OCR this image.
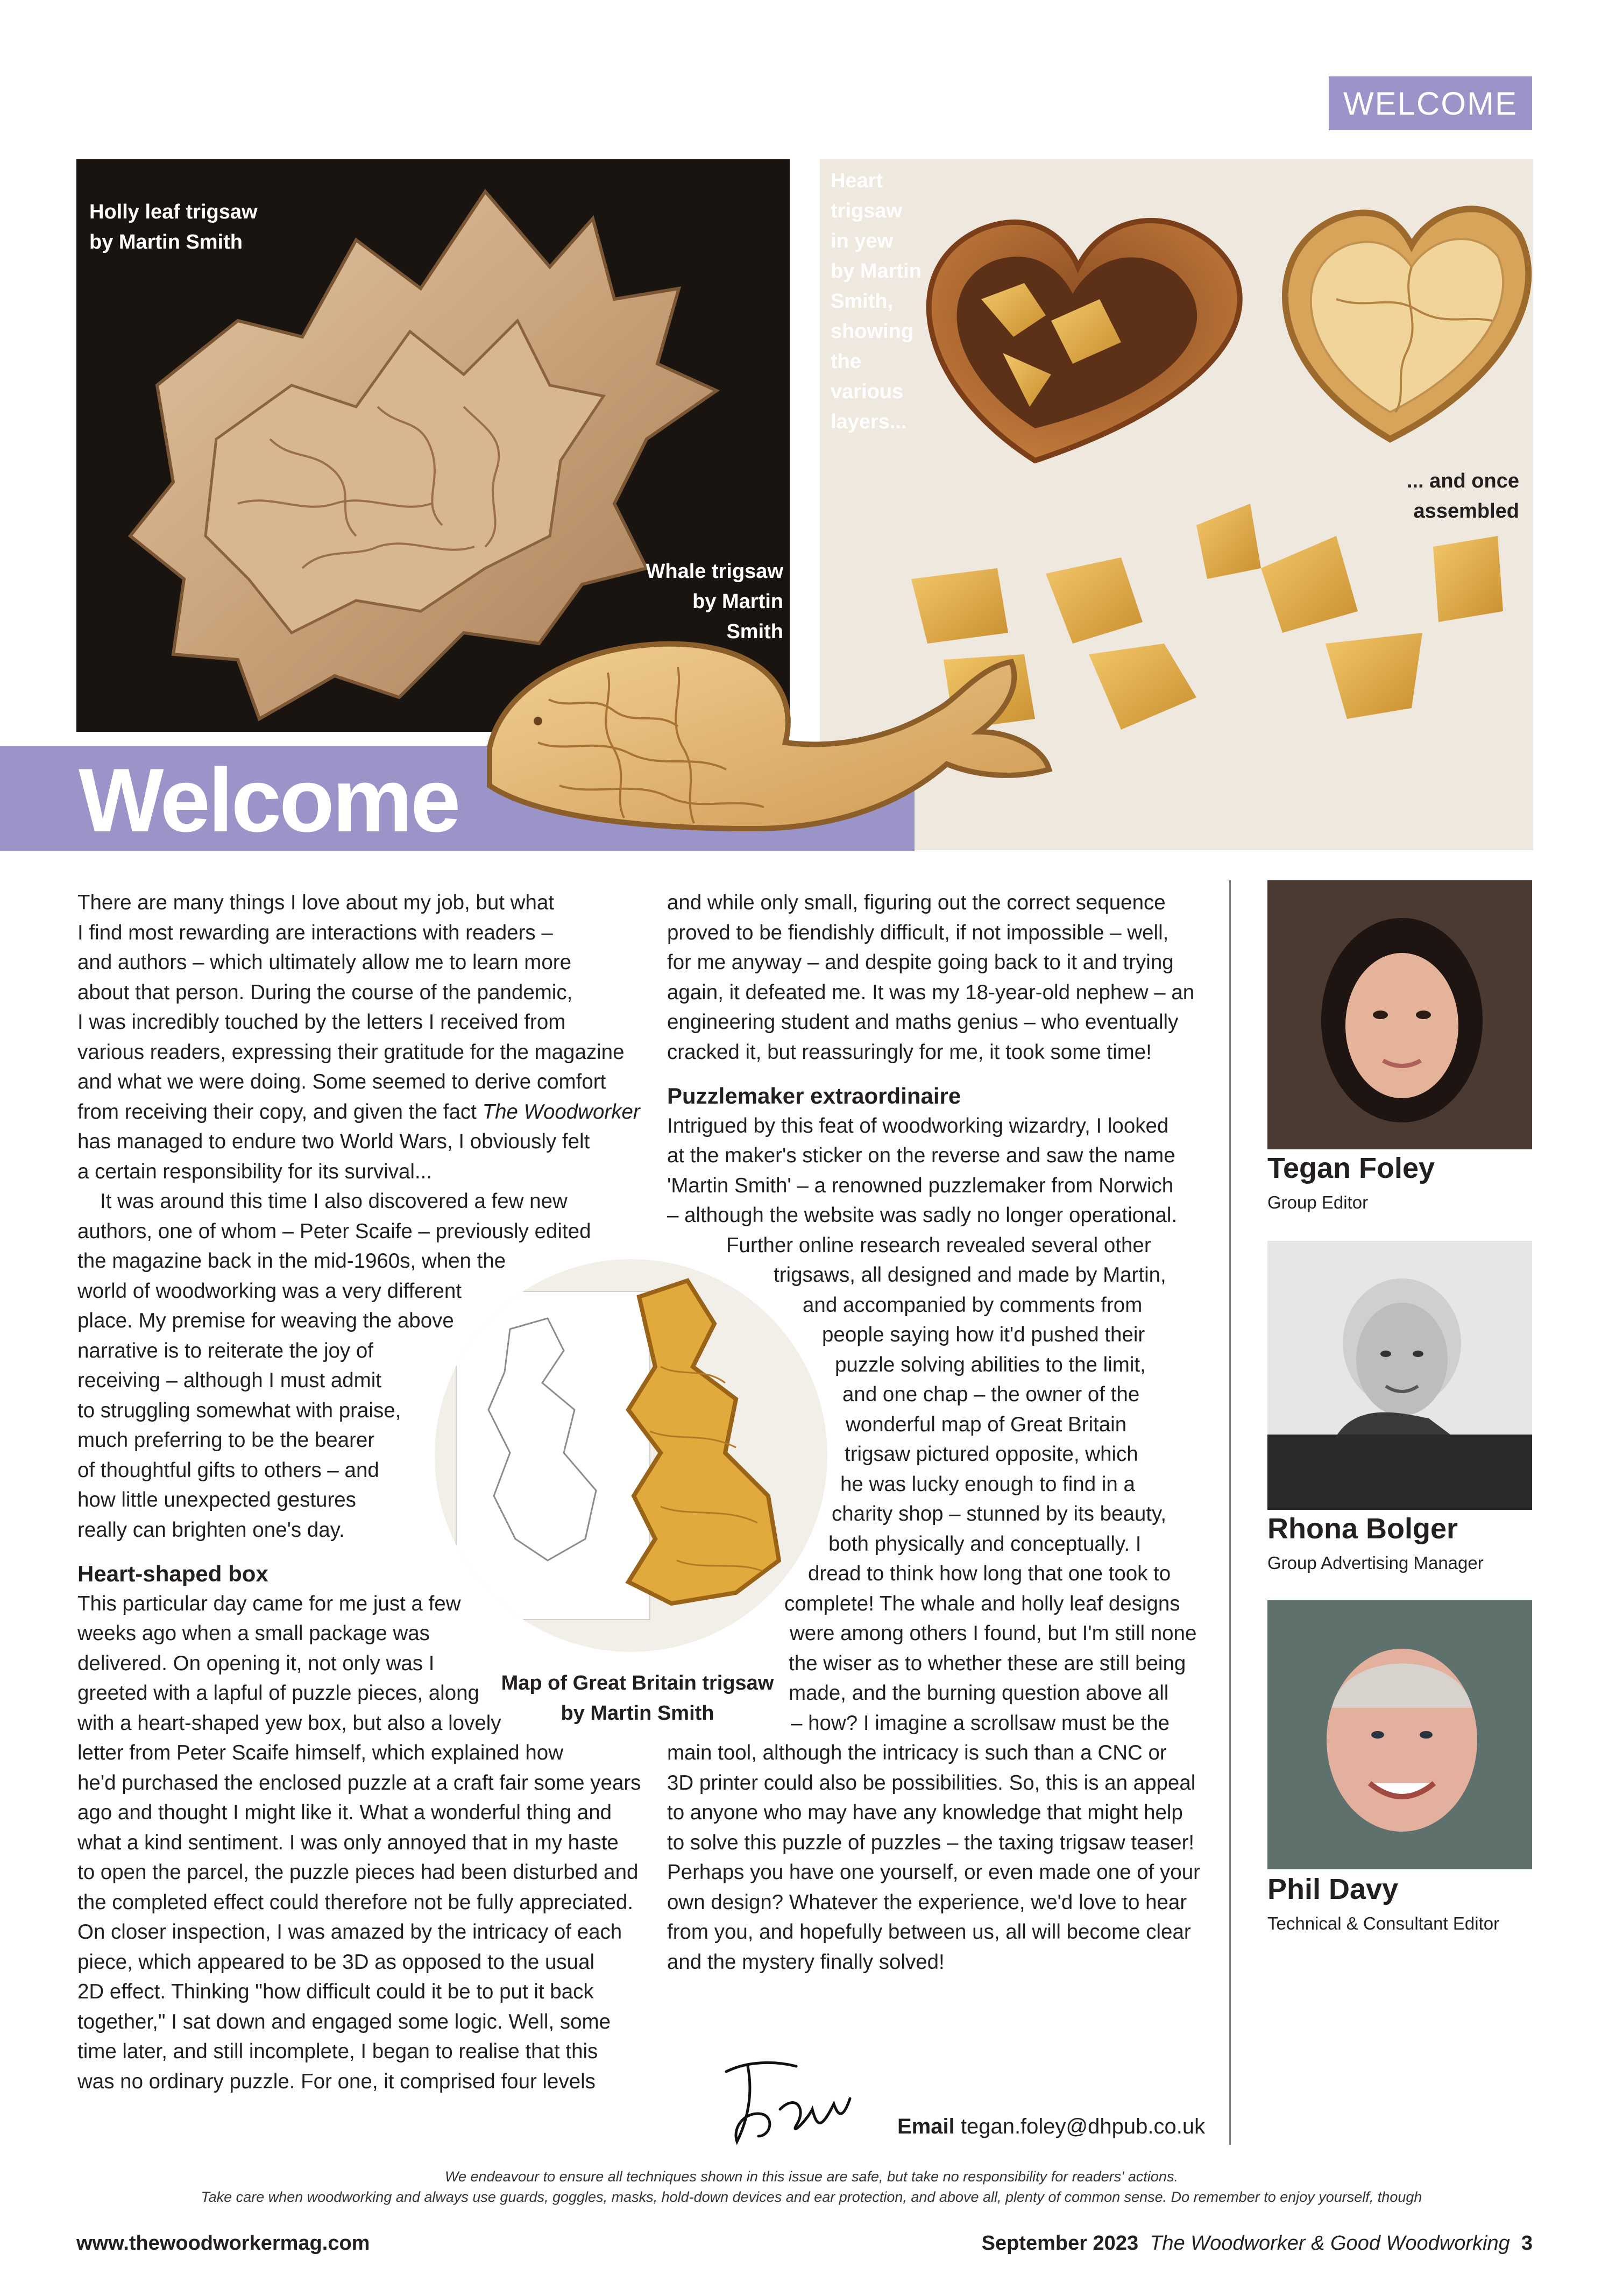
WELCOME
Holly leaf trigsaw
by Martin Smith
Whale trigsaw
by Martin
Smith
Heart
trigsaw
in yew
by Martin
Smith,
showing
the
various
layers...
... and once
assembled
Welcome
There are many things I love about my job, but what
I find most rewarding are interactions with readers –
and authors – which ultimately allow me to learn more
about that person. During the course of the pandemic,
I was incredibly touched by the letters I received from
various readers, expressing their gratitude for the magazine
and what we were doing. Some seemed to derive comfort
from receiving their copy, and given the fact The Woodworker
has managed to endure two World Wars, I obviously felt
a certain responsibility for its survival...
It was around this time I also discovered a few new
authors, one of whom – Peter Scaife – previously edited
the magazine back in the mid-1960s, when the
world of woodworking was a very different
place. My premise for weaving the above
narrative is to reiterate the joy of
receiving – although I must admit
to struggling somewhat with praise,
much preferring to be the bearer
of thoughtful gifts to others – and
how little unexpected gestures
really can brighten one's day.
Heart-shaped box
This particular day came for me just a few
weeks ago when a small package was
delivered. On opening it, not only was I
greeted with a lapful of puzzle pieces, along
with a heart-shaped yew box, but also a lovely
letter from Peter Scaife himself, which explained how
he'd purchased the enclosed puzzle at a craft fair some years
ago and thought I might like it. What a wonderful thing and
what a kind sentiment. I was only annoyed that in my haste
to open the parcel, the puzzle pieces had been disturbed and
the completed effect could therefore not be fully appreciated.
On closer inspection, I was amazed by the intricacy of each
piece, which appeared to be 3D as opposed to the usual
2D effect. Thinking "how difficult could it be to put it back
together," I sat down and engaged some logic. Well, some
time later, and still incomplete, I began to realise that this
was no ordinary puzzle. For one, it comprised four levels
Map of Great Britain trigsaw
by Martin Smith
and while only small, figuring out the correct sequence
proved to be fiendishly difficult, if not impossible – well,
for me anyway – and despite going back to it and trying
again, it defeated me. It was my 18-year-old nephew – an
engineering student and maths genius – who eventually
cracked it, but reassuringly for me, it took some time!
Puzzlemaker extraordinaire
Intrigued by this feat of woodworking wizardry, I looked
at the maker's sticker on the reverse and saw the name
'Martin Smith' – a renowned puzzlemaker from Norwich
– although the website was sadly no longer operational.
Further online research revealed several other
trigsaws, all designed and made by Martin,
and accompanied by comments from
people saying how it'd pushed their
puzzle solving abilities to the limit,
and one chap – the owner of the
wonderful map of Great Britain
trigsaw pictured opposite, which
he was lucky enough to find in a
charity shop – stunned by its beauty,
both physically and conceptually. I
dread to think how long that one took to
complete! The whale and holly leaf designs
were among others I found, but I'm still none
the wiser as to whether these are still being
made, and the burning question above all
– how? I imagine a scrollsaw must be the
main tool, although the intricacy is such than a CNC or
3D printer could also be possibilities. So, this is an appeal
to anyone who may have any knowledge that might help
to solve this puzzle of puzzles – the taxing trigsaw teaser!
Perhaps you have one yourself, or even made one of your
own design? Whatever the experience, we'd love to hear
from you, and hopefully between us, all will become clear
and the mystery finally solved!
Email tegan.foley@dhpub.co.uk
Tegan Foley
Group Editor
Rhona Bolger
Group Advertising Manager
Phil Davy
Technical & Consultant Editor
We endeavour to ensure all techniques shown in this issue are safe, but take no responsibility for readers' actions.
Take care when woodworking and always use guards, goggles, masks, hold-down devices and ear protection, and above all, plenty of common sense. Do remember to enjoy yourself, though
www.thewoodworkermag.com	September 2023 The Woodworker & Good Woodworking 3
